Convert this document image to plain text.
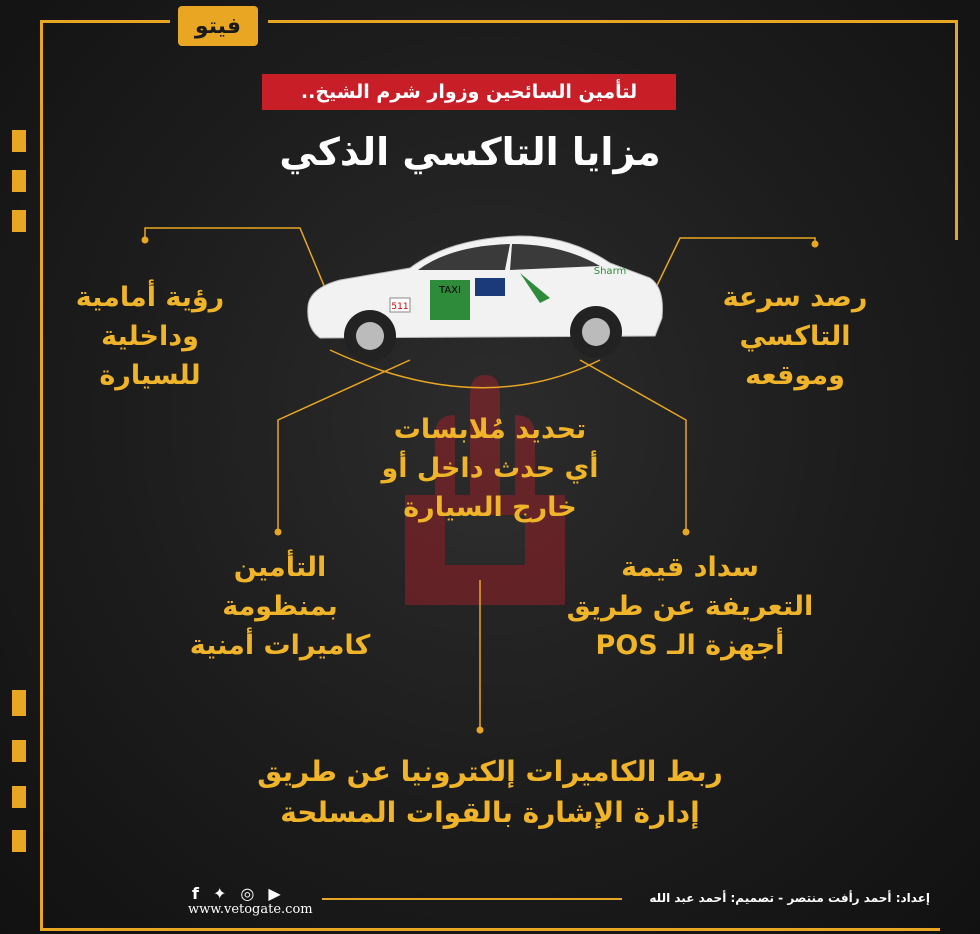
فيتو
لتأمين السائحين وزوار شرم الشيخ..
مزايا التاكسي الذكي
511
TAXI
Sharm
رؤية أمامية
وداخلية
للسيارة
رصد سرعة
التاكسي
وموقعه
تحديد مُلابسات
أي حدث داخل أو
خارج السيارة
التأمين
بمنظومة
كاميرات أمنية
سداد قيمة
التعريفة عن طريق
أجهزة الـ POS
ربط الكاميرات إلكترونيا عن طريق
إدارة الإشارة بالقوات المسلحة
f ✦ ◎ ▶
www.vetogate.com
إعداد: أحمد رأفت منتصر - تصميم: أحمد عبد الله
